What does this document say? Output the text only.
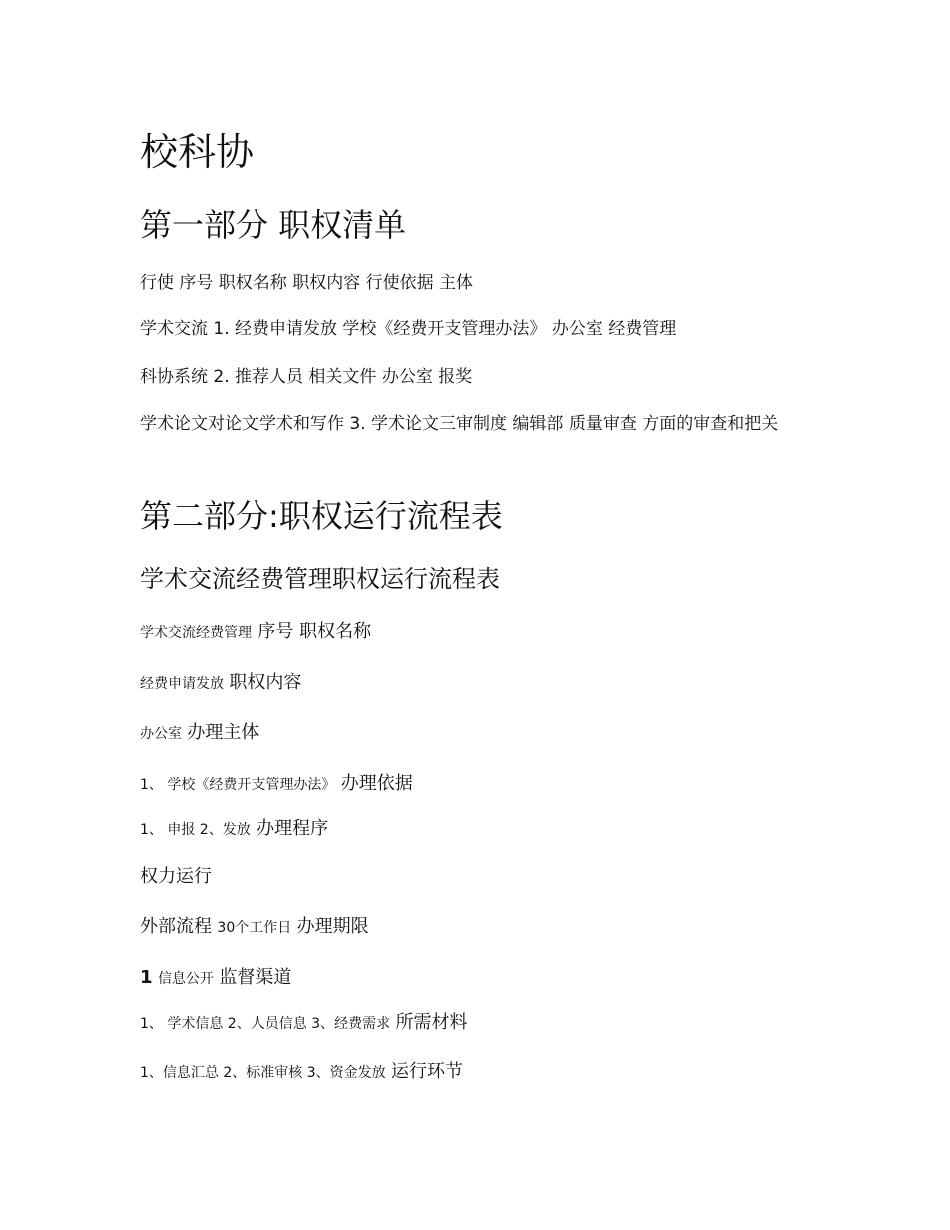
校科协
第一部分 职权清单
行使 序号 职权名称 职权内容 行使依据 主体
学术交流 1. 经费申请发放 学校《经费开支管理办法》 办公室 经费管理
科协系统 2. 推荐人员 相关文件 办公室 报奖
学术论文对论文学术和写作 3. 学术论文三审制度 编辑部 质量审查 方面的审查和把关
第二部分:职权运行流程表
学术交流经费管理职权运行流程表
学术交流经费管理 序号 职权名称
经费申请发放 职权内容
办公室 办理主体
1、 学校《经费开支管理办法》 办理依据
1、 申报 2、发放 办理程序
权力运行
外部流程 30个工作日 办理期限
1 信息公开 监督渠道
1、 学术信息 2、人员信息 3、经费需求 所需材料
1、信息汇总 2、标准审核 3、资金发放 运行环节
